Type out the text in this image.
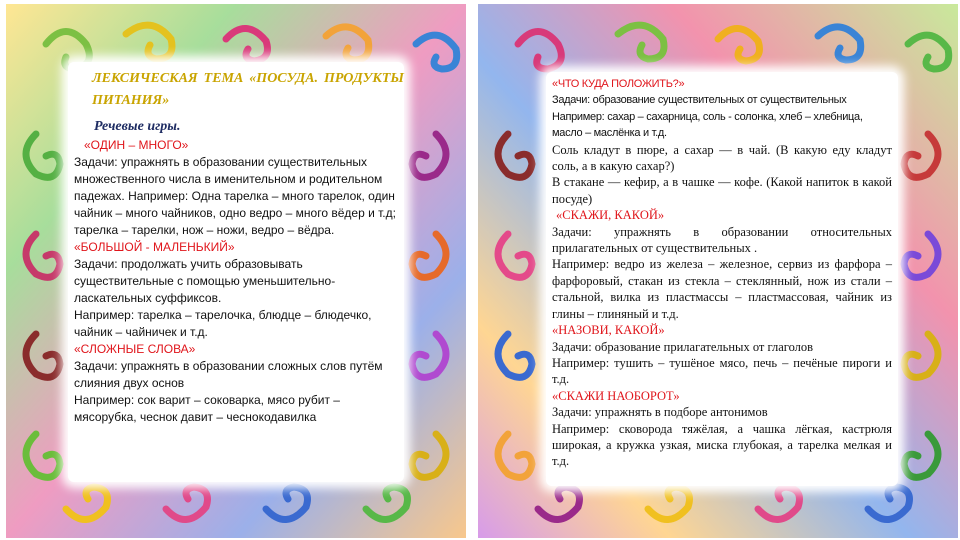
ЛЕКСИЧЕСКАЯ ТЕМА «ПОСУДА. ПРОДУКТЫ ПИТАНИЯ»
Речевые игры.
«ОДИН – МНОГО»

Задачи: упражнять в образовании существительных множественного числа в именительном и родительном падежах. Например: Одна тарелка – много тарелок, один чайник – много чайников, одно ведро – много вёдер и т.д; тарелка – тарелки, нож – ножи, ведро – вёдра.

«БОЛЬШОЙ - МАЛЕНЬКИЙ»

Задачи: продолжать учить образовывать существительные с помощью уменьшительно-ласкательных суффиксов.

Например: тарелка – тарелочка, блюдце – блюдечко, чайник – чайничек и т.д.

«СЛОЖНЫЕ СЛОВА»

Задачи: упражнять в образовании сложных слов путём слияния двух основ

Например: сок варит – соковарка, мясо рубит – мясорубка, чеснок давит – чеснокодавилка

«ЧТО КУДА ПОЛОЖИТЬ?»

Задачи: образование существительных от существительных

Например: сахар – сахарница, соль - солонка, хлеб – хлебница, масло – маслёнка и т.д.

Соль кладут в пюре, а сахар — в чай. (В какую еду кладут соль, а в какую сахар?)

В стакане — кефир, а в чашке — кофе. (Какой напиток в какой посуде)

«СКАЖИ, КАКОЙ»

Задачи: упражнять в образовании относительных прилагательных от существительных .

Например: ведро из железа – железное, сервиз из фарфора – фарфоровый, стакан из стекла – стеклянный, нож из стали – стальной, вилка из пластмассы – пластмассовая, чайник из глины – глиняный и т.д.

«НАЗОВИ, КАКОЙ»

Задачи: образование прилагательных от глаголов

Например: тушить – тушёное мясо, печь – печёные пироги и т.д.

«СКАЖИ НАОБОРОТ»

Задачи: упражнять в подборе антонимов

Например: сковорода тяжёлая, а чашка лёгкая, кастрюля широкая, а кружка узкая, миска глубокая, а тарелка мелкая и т.д.
